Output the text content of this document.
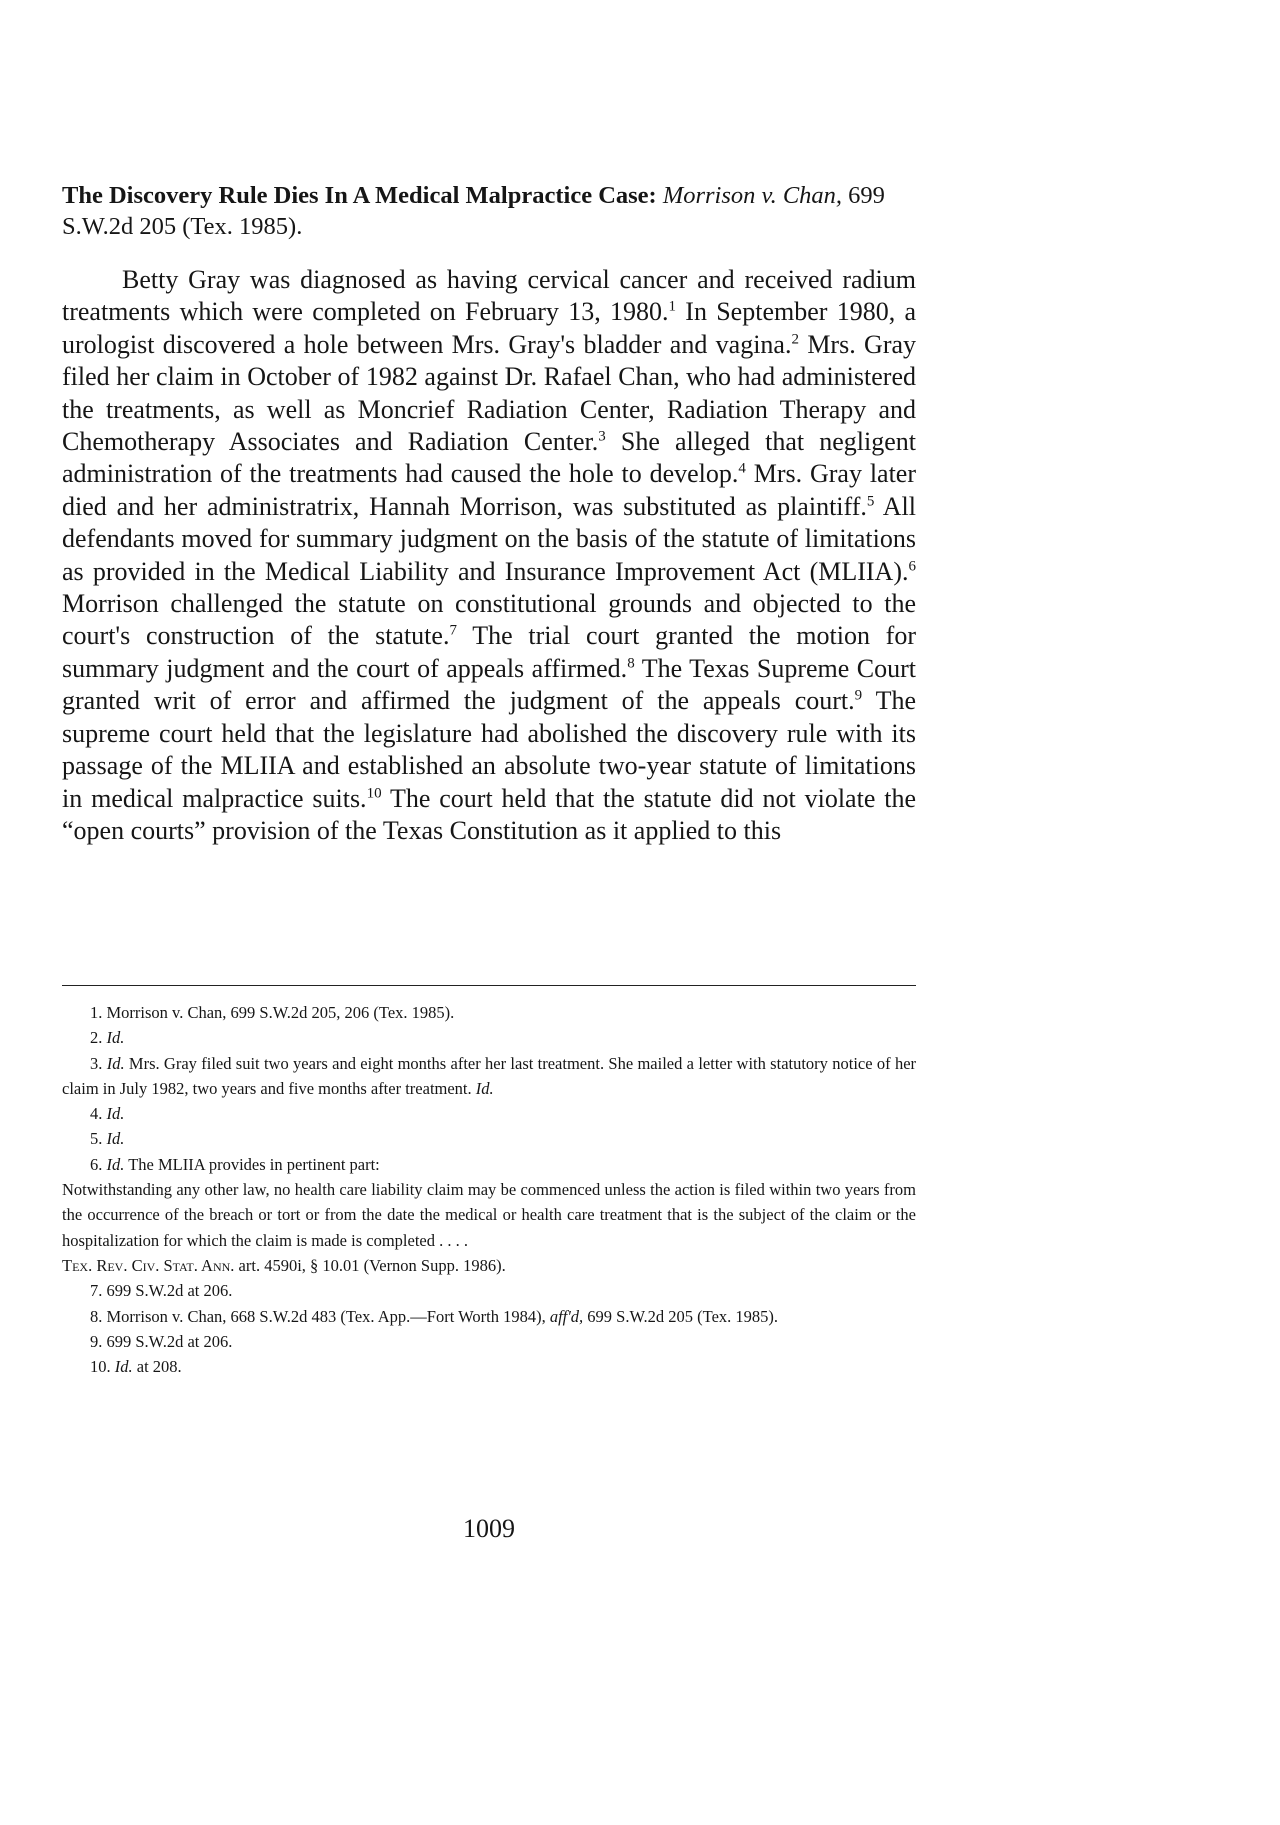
The Discovery Rule Dies In A Medical Malpractice Case: Morrison v. Chan, 699 S.W.2d 205 (Tex. 1985).

Betty Gray was diagnosed as having cervical cancer and received radium treatments which were completed on February 13, 1980.$^1$ In September 1980, a urologist discovered a hole between Mrs. Gray's bladder and vagina.$^2$ Mrs. Gray filed her claim in October of 1982 against Dr. Rafael Chan, who had administered the treatments, as well as Moncrief Radiation Center, Radiation Therapy and Chemotherapy Associates and Radiation Center.$^3$ She alleged that negligent administration of the treatments had caused the hole to develop.$^4$ Mrs. Gray later died and her administratrix, Hannah Morrison, was substituted as plaintiff.$^5$ All defendants moved for summary judgment on the basis of the statute of limitations as provided in the Medical Liability and Insurance Improvement Act (MLIIA).$^6$ Morrison challenged the statute on constitutional grounds and objected to the court's construction of the statute.$^7$ The trial court granted the motion for summary judgment and the court of appeals affirmed.$^8$ The Texas Supreme Court granted writ of error and affirmed the judgment of the appeals court.$^9$ The supreme court held that the legislature had abolished the discovery rule with its passage of the MLIIA and established an absolute two-year statute of limitations in medical malpractice suits.$^{10}$ The court held that the statute did not violate the “open courts” provision of the Texas Constitution as it applied to this

1. Morrison v. Chan, 699 S.W.2d 205, 206 (Tex. 1985).

2. Id.

3. Id. Mrs. Gray filed suit two years and eight months after her last treatment. She mailed a letter with statutory notice of her claim in July 1982, two years and five months after treatment. Id.

4. Id.

5. Id.

6. Id. The MLIIA provides in pertinent part:

Notwithstanding any other law, no health care liability claim may be commenced unless the action is filed within two years from the occurrence of the breach or tort or from the date the medical or health care treatment that is the subject of the claim or the hospitalization for which the claim is made is completed . . . .

Tex. Rev. Civ. Stat. Ann. art. 4590i, § 10.01 (Vernon Supp. 1986).

7. 699 S.W.2d at 206.

8. Morrison v. Chan, 668 S.W.2d 483 (Tex. App.—Fort Worth 1984), aff'd, 699 S.W.2d 205 (Tex. 1985).

9. 699 S.W.2d at 206.

10. Id. at 208.

1009
